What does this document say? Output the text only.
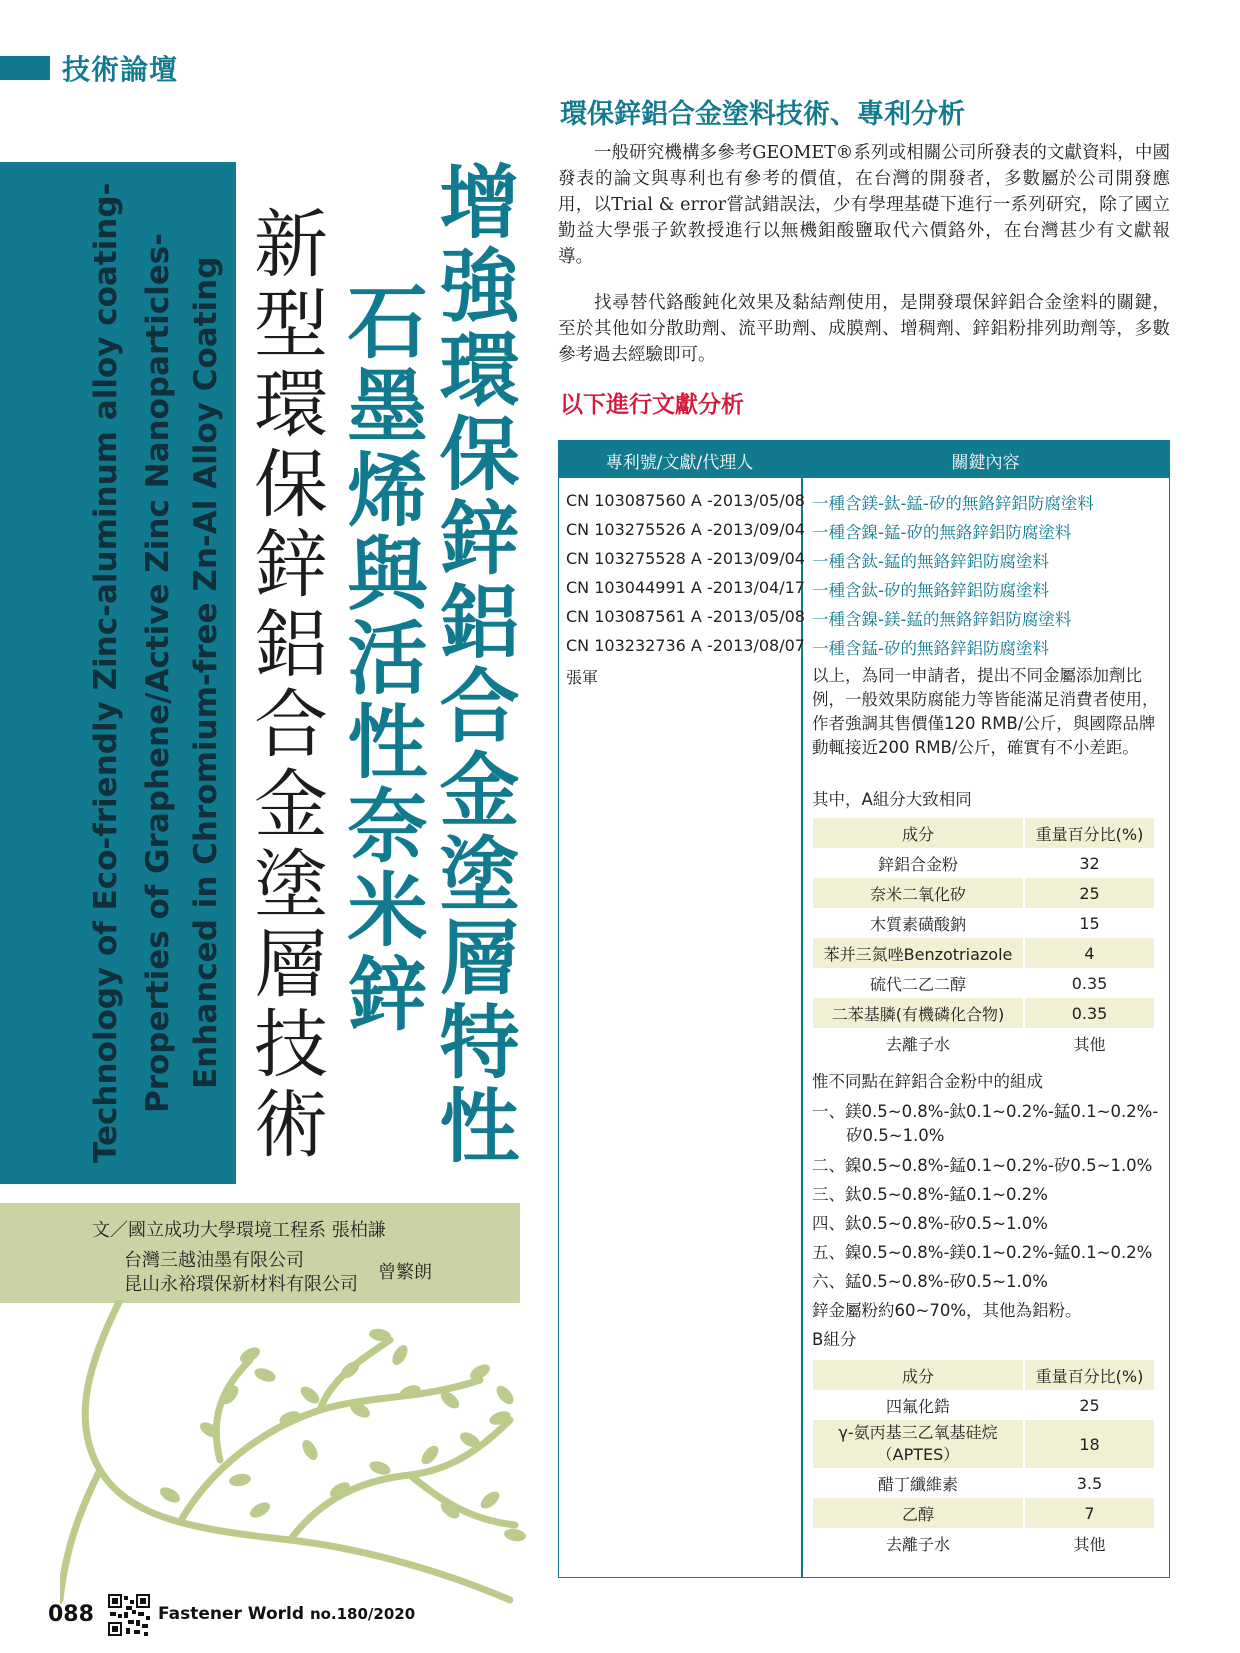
技術論壇
Technology of Eco-friendly Zinc-aluminum alloy coating- Properties of Graphene/Active Zinc Nanoparticles- Enhanced in Chromium-free Zn-Al Alloy Coating	增強環保鋅鋁合金塗層特性
石墨烯與活性奈米鋅
新型環保鋅鋁合金塗層技術
文／國立成功大學環境工程系 張柏謙
台灣三越油墨有限公司
昆山永裕環保新材料有限公司
曾繁朗
環保鋅鋁合金塗料技術、專利分析

一般研究機構多參考GEOMET®系列或相關公司所發表的文獻資料，中國發表的論文與專利也有參考的價值，在台灣的開發者，多數屬於公司開發應用，以Trial & error嘗試錯誤法，少有學理基礎下進行一系列研究，除了國立勤益大學張子欽教授進行以無機鉬酸鹽取代六價鉻外，在台灣甚少有文獻報導。

找尋替代鉻酸鈍化效果及黏結劑使用，是開發環保鋅鋁合金塗料的關鍵，至於其他如分散助劑、流平助劑、成膜劑、增稠劑、鋅鋁粉排列助劑等，多數參考過去經驗即可。

以下進行文獻分析
專利號/文獻/代理人	關鍵內容
CN 103087560 A -2013/05/08 一種含鎂-鈦-錳-矽的無鉻鋅鋁防腐塗料
CN 103275526 A -2013/09/04 一種含鎳-錳-矽的無鉻鋅鋁防腐塗料
CN 103275528 A -2013/09/04 一種含鈦-錳的無鉻鋅鋁防腐塗料
CN 103044991 A -2013/04/17 一種含鈦-矽的無鉻鋅鋁防腐塗料
CN 103087561 A -2013/05/08 一種含鎳-鎂-錳的無鉻鋅鋁防腐塗料
CN 103232736 A -2013/08/07 一種含錳-矽的無鉻鋅鋁防腐塗料
張軍	以上，為同一申請者，提出不同金屬添加劑比例，一般效果防腐能力等皆能滿足消費者使用，作者強調其售價僅120 RMB/公斤，與國際品牌動輒接近200 RMB/公斤，確實有不小差距。

其中，A組分大致相同
成分	重量百分比(%)
鋅鋁合金粉	32
奈米二氧化矽	25
木質素磺酸鈉	15
苯并三氮唑Benzotriazole	4
硫代二乙二醇	0.35
二苯基膦(有機磷化合物)	0.35
去離子水	其他
惟不同點在鋅鋁合金粉中的組成
一、鎂0.5~0.8%-鈦0.1~0.2%-錳0.1~0.2%-
矽0.5~1.0%
二、鎳0.5~0.8%-錳0.1~0.2%-矽0.5~1.0%
三、鈦0.5~0.8%-錳0.1~0.2%
四、鈦0.5~0.8%-矽0.5~1.0%
五、鎳0.5~0.8%-鎂0.1~0.2%-錳0.1~0.2%
六、錳0.5~0.8%-矽0.5~1.0%
鋅金屬粉約60~70%，其他為鋁粉。
B組分
成分	重量百分比(%)
四氟化鋯	25

γ-氨丙基三乙氧基硅烷
（APTES）	18
醋丁纖維素	3.5
乙醇	7
去離子水	其他
088	Fastener World no.180/2020
